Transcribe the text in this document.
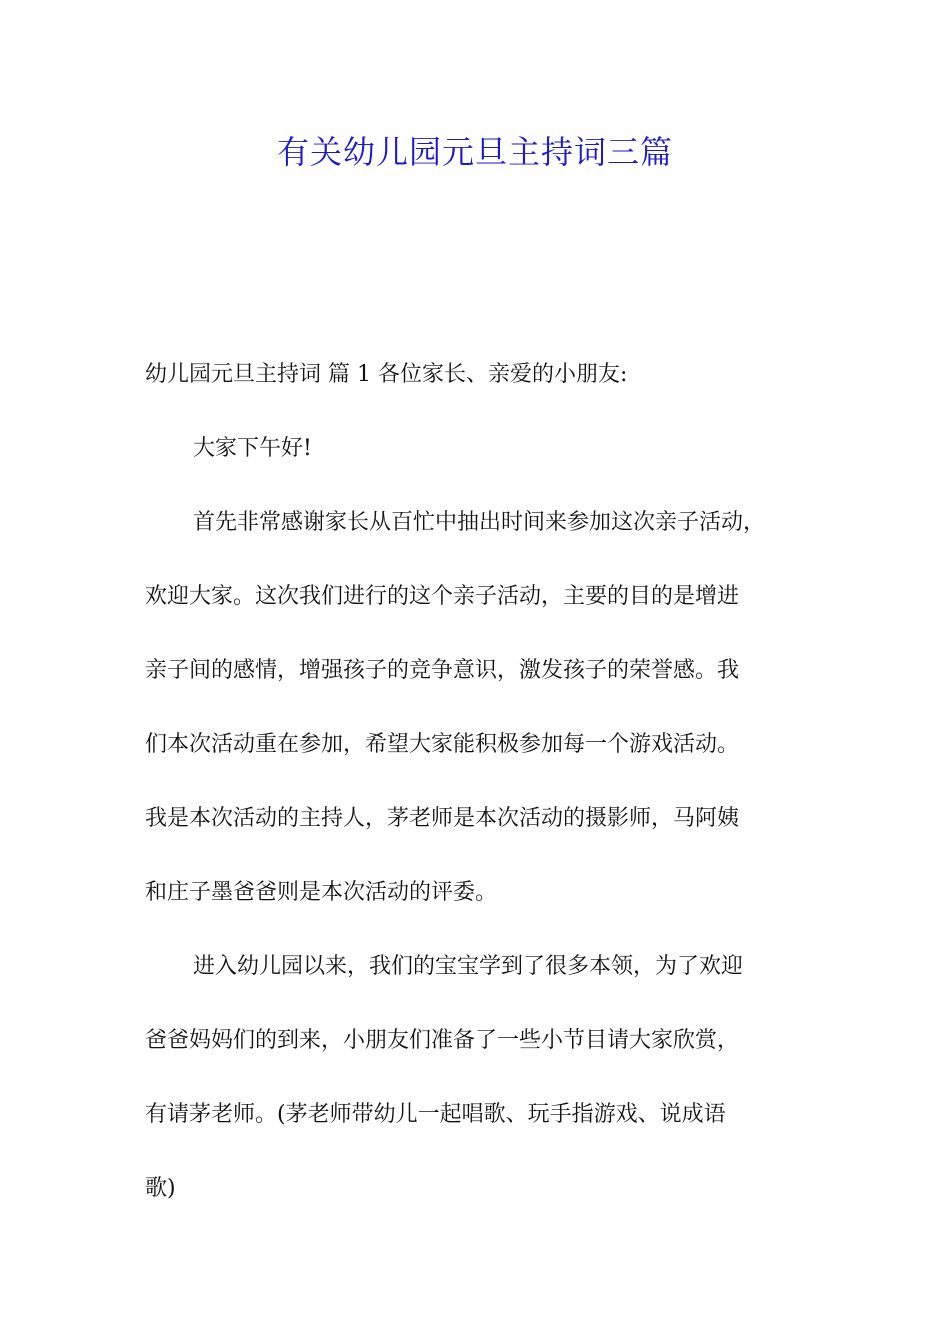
有关幼儿园元旦主持词三篇

幼儿园元旦主持词 篇 1 各位家长、亲爱的小朋友:

大家下午好!

首先非常感谢家长从百忙中抽出时间来参加这次亲子活动，
欢迎大家。这次我们进行的这个亲子活动，主要的目的是增进
亲子间的感情，增强孩子的竞争意识，激发孩子的荣誉感。我
们本次活动重在参加，希望大家能积极参加每一个游戏活动。
我是本次活动的主持人，茅老师是本次活动的摄影师，马阿姨
和庄子墨爸爸则是本次活动的评委。

进入幼儿园以来，我们的宝宝学到了很多本领，为了欢迎
爸爸妈妈们的到来，小朋友们准备了一些小节目请大家欣赏，
有请茅老师。(茅老师带幼儿一起唱歌、玩手指游戏、说成语
歌)
